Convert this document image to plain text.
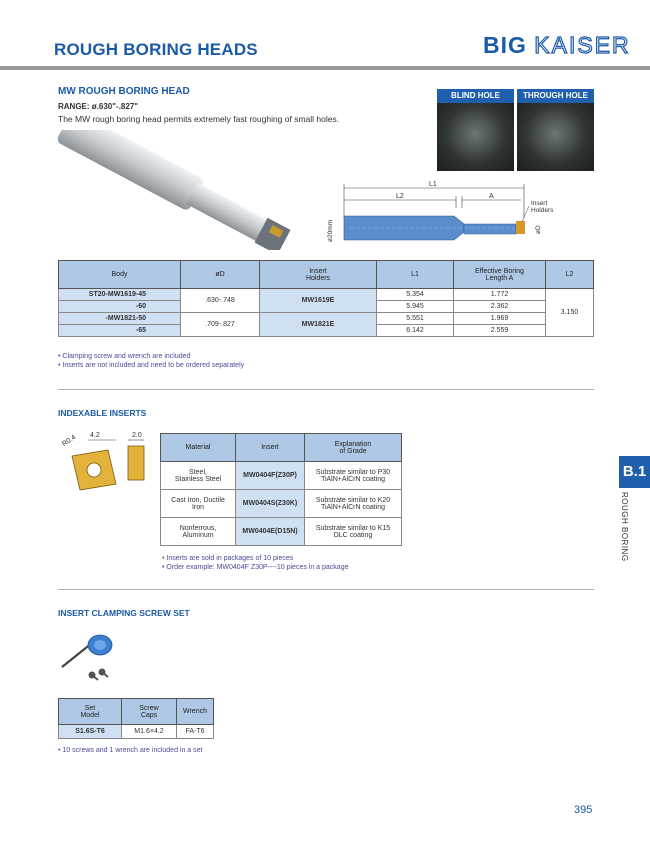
ROUGH BORING HEADS	BIG KAISER
MW ROUGH BORING HEAD
RANGE: ø.630"-.827"
The MW rough boring head permits extremely fast roughing of small holes.
BLIND HOLE	THROUGH HOLE
L1
L2	A
Insert Holders
ø20mm	øD
Body	øD	Insert
Holders	L1	Effective Boring
Length A	L2
ST20-MW1619-45	.630-.748	MW1619E	5.354	1.772	3.150
-60			5.945	2.362	
-MW1821-50	.709-.827	MW1821E	5.551	1.969	
-65			6.142	2.559	
• Clamping screw and wrench are included
• Inserts are not included and need to be ordered separately
INDEXABLE INSERTS
R0.4 4.2	2.0
Material	Insert	Explanation
of Grade
Steel,
Stainless Steel	MW0404F(Z30P)	Substrate similar to P30
TiAlN+AlCrN coating
Cast Iron, Ductile
Iron	MW0404S(Z30K)	Substrate similar to K20
TiAlN+AlCrN coating
Nonferrous,
Aluminum	MW0404E(D15N)	Substrate similar to K15
DLC coating
• Inserts are sold in packages of 10 pieces
• Order example: MW0404F Z30P----10 pieces in a package
INSERT CLAMPING SCREW SET
Set
Model	Screw
Caps	Wrench
S1.6S-T6	M1.6×4.2	FA-T6
• 10 screws and 1 wrench are included in a set
B.1
ROUGH BORING
395
